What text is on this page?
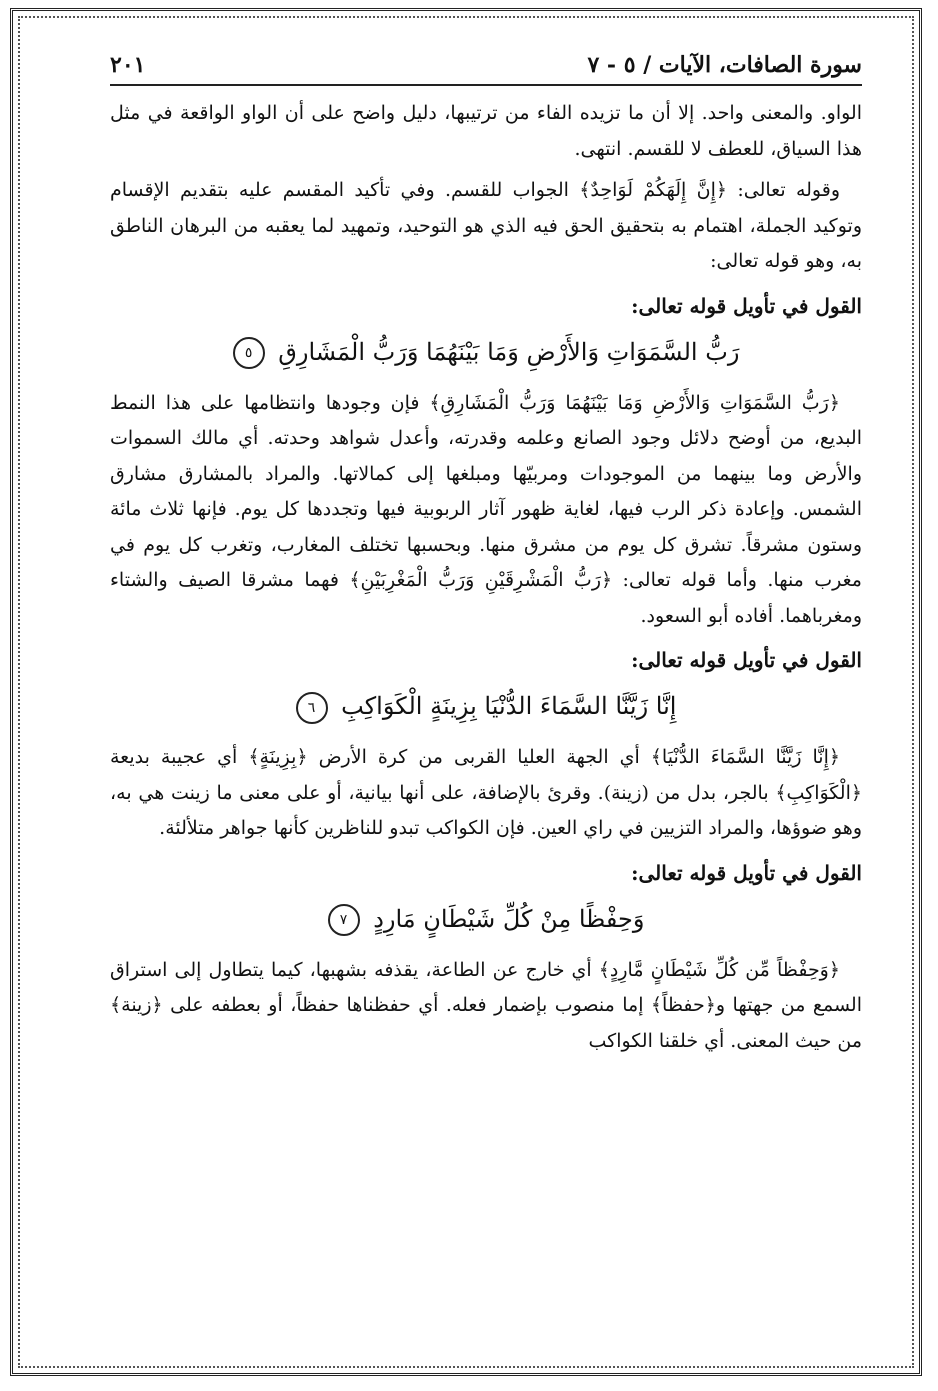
سورة الصافات، الآيات / ٥ - ٧
٢٠١

الواو. والمعنى واحد. إلا أن ما تزيده الفاء من ترتيبها، دليل واضح على أن الواو الواقعة في مثل هذا السياق، للعطف لا للقسم. انتهى.

وقوله تعالى: ﴿إِنَّ إِلَهَكُمْ لَوَاحِدٌ﴾ الجواب للقسم. وفي تأكيد المقسم عليه بتقديم الإقسام وتوكيد الجملة، اهتمام به بتحقيق الحق فيه الذي هو التوحيد، وتمهيد لما يعقبه من البرهان الناطق به، وهو قوله تعالى:

القول في تأويل قوله تعالى:
رَبُّ السَّمَوَاتِ وَالأَرْضِ وَمَا بَيْنَهُمَا وَرَبُّ الْمَشَارِقِ ٥

﴿رَبُّ السَّمَوَاتِ وَالأَرْضِ وَمَا بَيْنَهُمَا وَرَبُّ الْمَشَارِقِ﴾ فإن وجودها وانتظامها على هذا النمط البديع، من أوضح دلائل وجود الصانع وعلمه وقدرته، وأعدل شواهد وحدته. أي مالك السموات والأرض وما بينهما من الموجودات ومربيّها ومبلغها إلى كمالاتها. والمراد بالمشارق مشارق الشمس. وإعادة ذكر الرب فيها، لغاية ظهور آثار الربوبية فيها وتجددها كل يوم. فإنها ثلاث مائة وستون مشرقاً. تشرق كل يوم من مشرق منها. وبحسبها تختلف المغارب، وتغرب كل يوم في مغرب منها. وأما قوله تعالى: ﴿رَبُّ الْمَشْرِقَيْنِ وَرَبُّ الْمَغْرِبَيْنِ﴾ فهما مشرقا الصيف والشتاء ومغرباهما. أفاده أبو السعود.

القول في تأويل قوله تعالى:
إِنَّا زَيَّنَّا السَّمَاءَ الدُّنْيَا بِزِينَةٍ الْكَوَاكِبِ ٦

﴿إِنَّا زَيَّنَّا السَّمَاءَ الدُّنْيَا﴾ أي الجهة العليا القربى من كرة الأرض ﴿بِزِينَةٍ﴾ أي عجيبة بديعة ﴿الْكَوَاكِبِ﴾ بالجر، بدل من (زينة). وقرئ بالإضافة، على أنها بيانية، أو على معنى ما زينت هي به، وهو ضوؤها، والمراد التزيين في راي العين. فإن الكواكب تبدو للناظرين كأنها جواهر متلألئة.

القول في تأويل قوله تعالى:
وَحِفْظًا مِنْ كُلِّ شَيْطَانٍ مَارِدٍ ٧

﴿وَحِفْظاً مِّن كُلِّ شَيْطَانٍ مَّارِدٍ﴾ أي خارج عن الطاعة، يقذفه بشهبها، كيما يتطاول إلى استراق السمع من جهتها و﴿حفظاً﴾ إما منصوب بإضمار فعله. أي حفظناها حفظاً، أو بعطفه على ﴿زينة﴾ من حيث المعنى. أي خلقنا الكواكب
